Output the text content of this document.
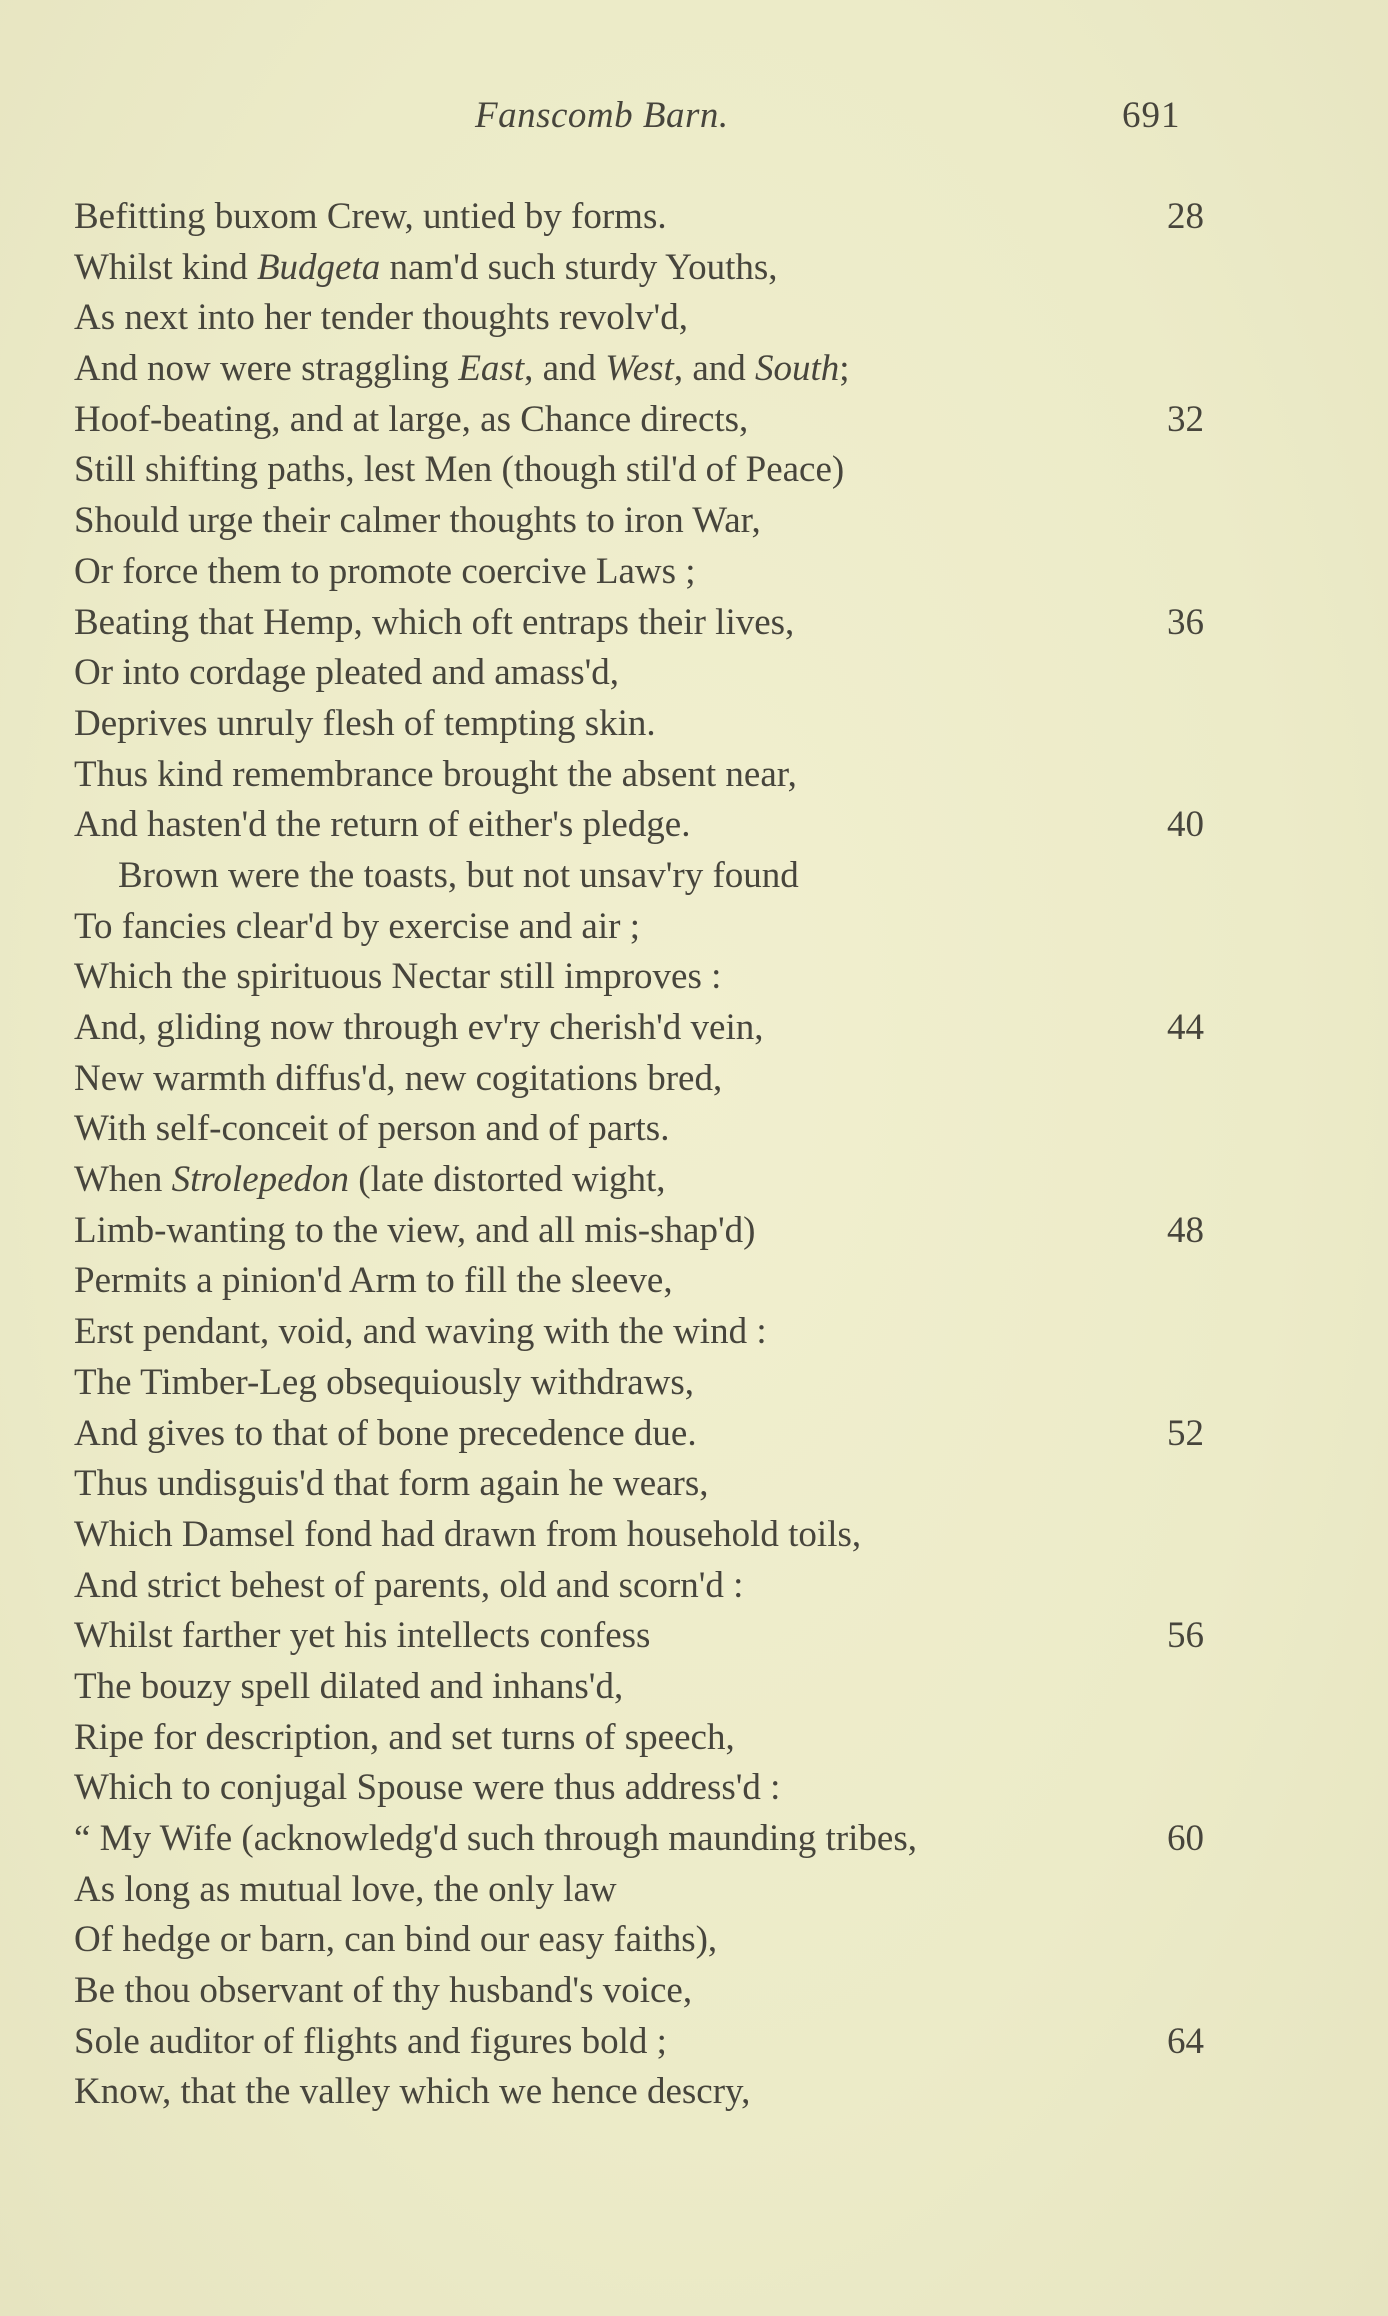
Fanscomb Barn.	691
Befitting buxom Crew, untied by forms.	28
Whilst kind Budgeta nam'd such sturdy Youths,
As next into her tender thoughts revolv'd,
And now were straggling East, and West, and South;
Hoof-beating, and at large, as Chance directs,	32
Still shifting paths, lest Men (though stil'd of Peace)
Should urge their calmer thoughts to iron War,
Or force them to promote coercive Laws ;
Beating that Hemp, which oft entraps their lives,	36
Or into cordage pleated and amass'd,
Deprives unruly flesh of tempting skin.
Thus kind remembrance brought the absent near,
And hasten'd the return of either's pledge.	40
Brown were the toasts, but not unsav'ry found
To fancies clear'd by exercise and air ;
Which the spirituous Nectar still improves :
And, gliding now through ev'ry cherish'd vein,	44
New warmth diffus'd, new cogitations bred,
With self-conceit of person and of parts.
When Strolepedon (late distorted wight,
Limb-wanting to the view, and all mis-shap'd)	48
Permits a pinion'd Arm to fill the sleeve,
Erst pendant, void, and waving with the wind :
The Timber-Leg obsequiously withdraws,
And gives to that of bone precedence due.	52
Thus undisguis'd that form again he wears,
Which Damsel fond had drawn from household toils,
And strict behest of parents, old and scorn'd :
Whilst farther yet his intellects confess	56
The bouzy spell dilated and inhans'd,
Ripe for description, and set turns of speech,
Which to conjugal Spouse were thus address'd :
“ My Wife (acknowledg'd such through maunding tribes,	60
As long as mutual love, the only law
Of hedge or barn, can bind our easy faiths),
Be thou observant of thy husband's voice,
Sole auditor of flights and figures bold ;	64
Know, that the valley which we hence descry,
